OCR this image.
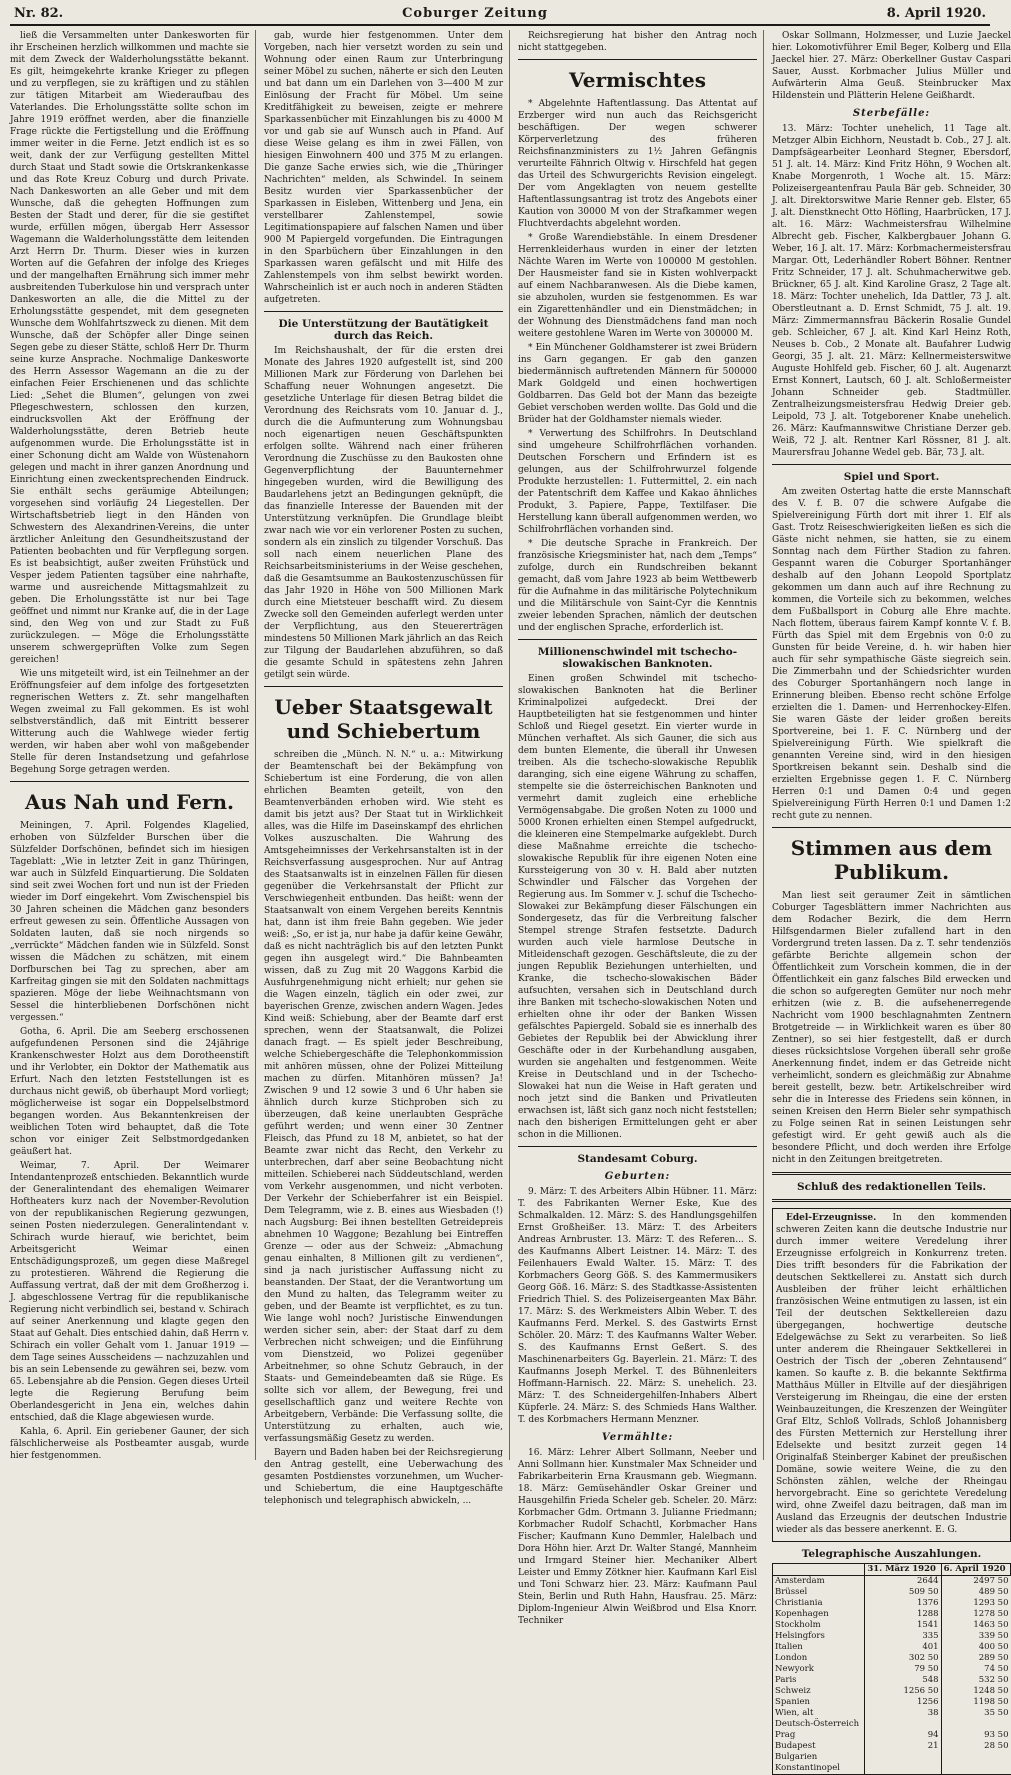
Nr. 82.	Coburger Zeitung	8. April 1920.

ließ die Versammelten unter Dankesworten für ihr Erscheinen herzlich willkommen und machte sie mit dem Zweck der Walderholungsstätte bekannt. Es gilt, heimgekehrte kranke Krieger zu pflegen und zu verpflegen, sie zu kräftigen und zu stählen zur tätigen Mitarbeit am Wiederaufbau des Vaterlandes. Die Erholungsstätte sollte schon im Jahre 1919 eröffnet werden, aber die finanzielle Frage rückte die Fertigstellung und die Eröffnung immer weiter in die Ferne. Jetzt endlich ist es so weit, dank der zur Verfügung gestellten Mittel durch Staat und Stadt sowie die Ortskrankenkasse und das Rote Kreuz Coburg und durch Private. Nach Dankesworten an alle Geber und mit dem Wunsche, daß die gehegten Hoffnungen zum Besten der Stadt und derer, für die sie gestiftet wurde, erfüllen mögen, übergab Herr Assessor Wagemann die Walderholungsstätte dem leitenden Arzt Herrn Dr. Thurm. Dieser wies in kurzen Worten auf die Gefahren der infolge des Krieges und der mangelhaften Ernährung sich immer mehr ausbreitenden Tuberkulose hin und versprach unter Dankesworten an alle, die die Mittel zu der Erholungsstätte gespendet, mit dem gesegneten Wunsche dem Wohlfahrtszweck zu dienen. Mit dem Wunsche, daß der Schöpfer aller Dinge seinen Segen gebe zu dieser Stätte, schloß Herr Dr. Thurm seine kurze Ansprache. Nochmalige Dankesworte des Herrn Assessor Wagemann an die zu der einfachen Feier Erschienenen und das schlichte Lied: „Sehet die Blumen“, gelungen von zwei Pflegeschwestern, schlossen den kurzen, eindrucksvollen Akt der Eröffnung der Walderholungsstätte, deren Betrieb heute aufgenommen wurde. Die Erholungsstätte ist in einer Schonung dicht am Walde von Wüstenahorn gelegen und macht in ihrer ganzen Anordnung und Einrichtung einen zweckentsprechenden Eindruck. Sie enthält sechs geräumige Abteilungen; vorgesehen sind vorläufig 24 Liegestellen. Der Wirtschaftsbetrieb liegt in den Händen von Schwestern des Alexandrinen-Vereins, die unter ärztlicher Anleitung den Gesundheitszustand der Patienten beobachten und für Verpflegung sorgen. Es ist beabsichtigt, außer zweiten Frühstück und Vesper jedem Patienten tagsüber eine nahrhafte, warme und ausreichende Mittagsmahlzeit zu geben. Die Erholungsstätte ist nur bei Tage geöffnet und nimmt nur Kranke auf, die in der Lage sind, den Weg von und zur Stadt zu Fuß zurückzulegen. — Möge die Erholungsstätte unserem schwergeprüften Volke zum Segen gereichen!

Wie uns mitgeteilt wird, ist ein Teilnehmer an der Eröffnungsfeier auf dem infolge des fortgesetzten regnerischen Wetters z. Zt. sehr mangelhaften Wegen zweimal zu Fall gekommen. Es ist wohl selbstverständlich, daß mit Eintritt besserer Witterung auch die Wahlwege wieder fertig werden, wir haben aber wohl von maßgebender Stelle für deren Instandsetzung und gefahrlose Begehung Sorge getragen werden.

Aus Nah und Fern.

Meiningen, 7. April. Folgendes Klagelied, erhoben von Sülzfelder Burschen über die Sülzfelder Dorfschönen, befindet sich im hiesigen Tageblatt: „Wie in letzter Zeit in ganz Thüringen, war auch in Sülzfeld Einquartierung. Die Soldaten sind seit zwei Wochen fort und nun ist der Frieden wieder im Dorf eingekehrt. Vom Zwischenspiel bis 30 Jahren scheinen die Mädchen ganz besonders erfreut gewesen zu sein. Öffentliche Aussagen von Soldaten lauten, daß sie noch nirgends so „verrückte“ Mädchen fanden wie in Sülzfeld. Sonst wissen die Mädchen zu schätzen, mit einem Dorfburschen bei Tag zu sprechen, aber am Karfreitag gingen sie mit den Soldaten nachmittags spazieren. Möge der liebe Weihnachtsmann von Sessel die hinterbliebenen Dorfschönen nicht vergessen.“

Gotha, 6. April. Die am Seeberg erschossenen aufgefundenen Personen sind die 24jährige Krankenschwester Holzt aus dem Dorotheenstift und ihr Verlobter, ein Doktor der Mathematik aus Erfurt. Nach den letzten Feststellungen ist es durchaus nicht gewiß, ob überhaupt Mord vorliegt; möglicherweise ist sogar ein Doppelselbstmord begangen worden. Aus Bekanntenkreisen der weiblichen Toten wird behauptet, daß die Tote schon vor einiger Zeit Selbstmordgedanken geäußert hat.

Weimar, 7. April. Der Weimarer Intendantenprozeß entschieden. Bekanntlich wurde der Generalintendant des ehemaligen Weimarer Hoftheaters kurz nach der November-Revolution von der republikanischen Regierung gezwungen, seinen Posten niederzulegen. Generalintendant v. Schirach wurde hierauf, wie berichtet, beim Arbeitsgericht Weimar einen Entschädigungsprozeß, um gegen diese Maßregel zu protestieren. Während die Regierung die Auffassung vertrat, daß der mit dem Großherzog i. J. abgeschlossene Vertrag für die republikanische Regierung nicht verbindlich sei, bestand v. Schirach auf seiner Anerkennung und klagte gegen den Staat auf Gehalt. Dies entschied dahin, daß Herrn v. Schirach ein voller Gehalt vom 1. Januar 1919 — dem Tage seines Ausscheidens — nachzuzahlen und bis an sein Lebensende zu gewähren sei, bezw. vom 65. Lebensjahre ab die Pension. Gegen dieses Urteil legte die Regierung Berufung beim Oberlandesgericht in Jena ein, welches dahin entschied, daß die Klage abgewiesen wurde.

Kahla, 6. April. Ein geriebener Gauner, der sich fälschlicherweise als Postbeamter ausgab, wurde hier festgenommen.

gab, wurde hier festgenommen. Unter dem Vorgeben, nach hier versetzt worden zu sein und Wohnung oder einen Raum zur Unterbringung seiner Möbel zu suchen, näherte er sich den Leuten und bat dann um ein Darlehen von 3—400 M zur Einlösung der Fracht für Möbel. Um seine Kreditfähigkeit zu beweisen, zeigte er mehrere Sparkassenbücher mit Einzahlungen bis zu 4000 M vor und gab sie auf Wunsch auch in Pfand. Auf diese Weise gelang es ihm in zwei Fällen, von hiesigen Einwohnern 400 und 375 M zu erlangen. Die ganze Sache erwies sich, wie die „Thüringer Nachrichten“ melden, als Schwindel. In seinem Besitz wurden vier Sparkassenbücher der Sparkassen in Eisleben, Wittenberg und Jena, ein verstellbarer Zahlenstempel, sowie Legitimationspapiere auf falschen Namen und über 900 M Papiergeld vorgefunden. Die Eintragungen in den Sparbüchern über Einzahlungen in den Sparkassen waren gefälscht und mit Hilfe des Zahlenstempels von ihm selbst bewirkt worden. Wahrscheinlich ist er auch noch in anderen Städten aufgetreten.

Die Unterstützung der Bautätigkeit durch das Reich.

Im Reichshaushalt, der für die ersten drei Monate des Jahres 1920 aufgestellt ist, sind 200 Millionen Mark zur Förderung von Darlehen bei Schaffung neuer Wohnungen angesetzt. Die gesetzliche Unterlage für diesen Betrag bildet die Verordnung des Reichsrats vom 10. Januar d. J., durch die die Aufmunterung zum Wohnungsbau noch eigenartigen neuen Geschäftspunkten erfolgen sollte. Während nach einer früheren Verordnung die Zuschüsse zu den Baukosten ohne Gegenverpflichtung der Bauunternehmer hingegeben wurden, wird die Bewilligung des Baudarlehens jetzt an Bedingungen geknüpft, die das finanzielle Interesse der Bauenden mit der Unterstützung verknüpfen. Die Grundlage bleibt zwar nach wie vor ein verlorener Posten zu suchen, sondern als ein zinslich zu tilgender Vorschuß. Das soll nach einem neuerlichen Plane des Reichsarbeitsministeriums in der Weise geschehen, daß die Gesamtsumme an Baukostenzuschüssen für das Jahr 1920 in Höhe von 500 Millionen Mark durch eine Mietsteuer beschafft wird. Zu diesem Zwecke soll den Gemeinden auferlegt werden unter der Verpflichtung, aus den Steuererträgen mindestens 50 Millionen Mark jährlich an das Reich zur Tilgung der Baudarlehen abzuführen, so daß die gesamte Schuld in spätestens zehn Jahren getilgt sein würde.

Ueber Staatsgewalt und Schiebertum

schreiben die „Münch. N. N.“ u. a.: Mitwirkung der Beamtenschaft bei der Bekämpfung von Schiebertum ist eine Forderung, die von allen ehrlichen Beamten geteilt, von den Beamtenverbänden erhoben wird. Wie steht es damit bis jetzt aus? Der Staat tut in Wirklichkeit alles, was die Hilfe im Daseinskampf des ehrlichen Volkes auszuschalten. Die Wahrung des Amtsgeheimnisses der Verkehrsanstalten ist in der Reichsverfassung ausgesprochen. Nur auf Antrag des Staatsanwalts ist in einzelnen Fällen für diesen gegenüber die Verkehrsanstalt der Pflicht zur Verschwiegenheit entbunden. Das heißt: wenn der Staatsanwalt von einem Vergehen bereits Kenntnis hat, dann ist ihm freie Bahn gegeben. Wie jeder weiß: „So, er ist ja, nur habe ja dafür keine Gewähr, daß es nicht nachträglich bis auf den letzten Punkt gegen ihn ausgelegt wird.“ Die Bahnbeamten wissen, daß zu Zug mit 20 Waggons Karbid die Ausfuhrgenehmigung nicht erhielt; nur gehen sie die Wagen einzeln, täglich ein oder zwei, zur bayerischen Grenze, zwischen andern Wagen. Jedes Kind weiß: Schiebung, aber der Beamte darf erst sprechen, wenn der Staatsanwalt, die Polizei danach fragt. — Es spielt jeder Beschreibung, welche Schiebergeschäfte die Telephonkommission mit anhören müssen, ohne der Polizei Mitteilung machen zu dürfen. Mitanhören müssen? Ja! Zwischen 9 und 12 sowie 3 und 6 Uhr haben sie ähnlich durch kurze Stichproben sich zu überzeugen, daß keine unerlaubten Gespräche geführt werden; und wenn einer 30 Zentner Fleisch, das Pfund zu 18 M, anbietet, so hat der Beamte zwar nicht das Recht, den Verkehr zu unterbrechen, darf aber seine Beobachtung nicht mitteilen. Schieberei nach Süddeutschland, werden vom Verkehr ausgenommen, und nicht verboten. Der Verkehr der Schieberfahrer ist ein Beispiel. Dem Telegramm, wie z. B. eines aus Wiesbaden (!) nach Augsburg: Bei ihnen bestellten Getreidepreis abnehmen 10 Waggone; Bezahlung bei Eintreffen Grenze — oder aus der Schweiz: „Abmachung genau einhalten, 8 Millionen gilt zu verdienen“, sind ja nach juristischer Auffassung nicht zu beanstanden. Der Staat, der die Verantwortung um den Mund zu halten, das Telegramm weiter zu geben, und der Beamte ist verpflichtet, es zu tun. Wie lange wohl noch? Juristische Einwendungen werden sicher sein, aber: der Staat darf zu dem Verbrechen nicht schweigen; und die Einführung vom Dienstzeid, wo Polizei gegenüber Arbeitnehmer, so ohne Schutz Gebrauch, in der Staats- und Gemeindebeamten daß sie Rüge. Es sollte sich vor allem, der Bewegung, frei und gesellschaftlich ganz und weitere Rechte von Arbeitgebern, Verbände: Die Verfassung sollte, die Unterstützung zu erhalten, auch wie, verfassungsmäßig Gesetz zu werden.

Bayern und Baden haben bei der Reichsregierung den Antrag gestellt, eine Ueberwachung des gesamten Postdienstes vorzunehmen, um Wucher- und Schiebertum, die eine Hauptgeschäfte telephonisch und telegraphisch abwickeln, ...

Reichsregierung hat bisher den Antrag noch nicht stattgegeben.

Vermischtes

* Abgelehnte Haftentlassung. Das Attentat auf Erzberger wird nun auch das Reichsgericht beschäftigen. Der wegen schwerer Körperverletzung des früheren Reichsfinanzministers zu 1½ Jahren Gefängnis verurteilte Fähnrich Oltwig v. Hirschfeld hat gegen das Urteil des Schwurgerichts Revision eingelegt. Der vom Angeklagten von neuem gestellte Haftentlassungsantrag ist trotz des Angebots einer Kaution von 30000 M von der Strafkammer wegen Fluchtverdachts abgelehnt worden.

* Große Warendiebstähle. In einem Dresdener Herrenkleiderhaus wurden in einer der letzten Nächte Waren im Werte von 100000 M gestohlen. Der Hausmeister fand sie in Kisten wohlverpackt auf einem Nachbaranwesen. Als die Diebe kamen, sie abzuholen, wurden sie festgenommen. Es war ein Zigarettenhändler und ein Dienstmädchen; in der Wohnung des Dienstmädchens fand man noch weitere gestohlene Waren im Werte von 300000 M.

* Ein Münchener Goldhamsterer ist zwei Brüdern ins Garn gegangen. Er gab den ganzen biedermännisch auftretenden Männern für 500000 Mark Goldgeld und einen hochwertigen Goldbarren. Das Geld bot der Mann das bezeigte Gebiet verschoben werden wollte. Das Gold und die Brüder hat der Goldhamster niemals wieder.

* Verwertung des Schilfrohrs. In Deutschland sind umgeheure Schilfrohrflächen vorhanden. Deutschen Forschern und Erfindern ist es gelungen, aus der Schilfrohrwurzel folgende Produkte herzustellen: 1. Futtermittel, 2. ein nach der Patentschrift dem Kaffee und Kakao ähnliches Produkt, 3. Papiere, Pappe, Textilfaser. Die Herstellung kann überall aufgenommen werden, wo Schilfrohrflächen vorhanden sind.

* Die deutsche Sprache in Frankreich. Der französische Kriegsminister hat, nach dem „Temps“ zufolge, durch ein Rundschreiben bekannt gemacht, daß vom Jahre 1923 ab beim Wettbewerb für die Aufnahme in das militärische Polytechnikum und die Militärschule von Saint-Cyr die Kenntnis zweier lebenden Sprachen, nämlich der deutschen und der englischen Sprache, erforderlich ist.

Millionenschwindel mit tschecho-slowakischen Banknoten.

Einen großen Schwindel mit tschecho-slowakischen Banknoten hat die Berliner Kriminalpolizei aufgedeckt. Drei der Hauptbeteiligten hat sie festgenommen und hinter Schloß und Riegel gesetzt. Ein vierter wurde in München verhaftet. Als sich Gauner, die sich aus dem bunten Elemente, die überall ihr Unwesen treiben. Als die tschecho-slowakische Republik daranging, sich eine eigene Währung zu schaffen, stempelte sie die österreichischen Banknoten und vermehrt damit zugleich eine erhebliche Vermögensabgabe. Die großen Noten zu 1000 und 5000 Kronen erhielten einen Stempel aufgedruckt, die kleineren eine Stempelmarke aufgeklebt. Durch diese Maßnahme erreichte die tschecho-slowakische Republik für ihre eigenen Noten eine Kurssteigerung von 30 v. H. Bald aber nutzten Schwindler und Fälscher das Vorgehen der Regierung aus. Im Sommer v. J. schuf die Tschecho-Slowakei zur Bekämpfung dieser Fälschungen ein Sondergesetz, das für die Verbreitung falscher Stempel strenge Strafen festsetzte. Dadurch wurden auch viele harmlose Deutsche in Mitleidenschaft gezogen. Geschäftsleute, die zu der jungen Republik Beziehungen unterhielten, und Kranke, die tschecho-slowakischen Bäder aufsuchten, versahen sich in Deutschland durch ihre Banken mit tschecho-slowakischen Noten und erhielten ohne ihr oder der Banken Wissen gefälschtes Papiergeld. Sobald sie es innerhalb des Gebietes der Republik bei der Abwicklung ihrer Geschäfte oder in der Kurbehandlung ausgaben, wurden sie angehalten und festgenommen. Weite Kreise in Deutschland und in der Tschecho-Slowakei hat nun die Weise in Haft geraten und noch jetzt sind die Banken und Privatleuten erwachsen ist, läßt sich ganz noch nicht feststellen; nach den bisherigen Ermittelungen geht er aber schon in die Millionen.

Standesamt Coburg.
Geburten:

9. März: T. des Arbeiters Albin Hübner. 11. März: T. des Fabrikanten Werner Eske, Kue des Schmalkalden. 12. März: S. des Handlungsgehilfen Ernst Großheißer. 13. März: T. des Arbeiters Andreas Arnbruster. 13. März: T. des Referen... S. des Kaufmanns Albert Leistner. 14. März: T. des Feilenhauers Ewald Walter. 15. März: T. des Korbmachers Georg Göß. S. des Kammermusikers Georg Göß. 16. März: S. des Stadtkasse-Assistenten Friedrich Thiel. S. des Polizeisergeanten Max Bähr. 17. März: S. des Werkmeisters Albin Weber. T. des Kaufmanns Ferd. Merkel. S. des Gastwirts Ernst Schöler. 20. März: T. des Kaufmanns Walter Weber. S. des Kaufmanns Ernst Geßert. S. des Maschinenarbeiters Gg. Bayerlein. 21. März: T. des Kaufmanns Joseph Merkel. T. des Bühnenleiters Hoffmann-Harnisch. 22. März: S. unehelich. 23. März: T. des Schneidergehilfen-Inhabers Albert Küpferle. 24. März: S. des Schmieds Hans Walther. T. des Korbmachers Hermann Menzner.

Vermählte:

16. März: Lehrer Albert Sollmann, Neeber und Anni Sollmann hier. Kunstmaler Max Schneider und Fabrikarbeiterin Erna Krausmann geb. Wiegmann. 18. März: Gemüsehändler Oskar Greiner und Hausgehilfin Frieda Scheler geb. Scheler. 20. März: Korbmacher Gdm. Ortmann 3. Julianne Friedmann; Korbmacher Rudolf Schachtl, Korbmacher Hans Fischer; Kaufmann Kuno Demmler, Halelbach und Dora Höhn hier. Arzt Dr. Walter Stangé, Mannheim und Irmgard Steiner hier. Mechaniker Albert Leister und Emmy Zötkner hier. Kaufmann Karl Eisl und Toni Schwarz hier. 23. März: Kaufmann Paul Stein, Berlin und Ruth Hahn, Hausfrau. 25. März: Diplom-Ingenieur Alwin Weißbrod und Elsa Knorr. Techniker

Oskar Sollmann, Holzmesser, und Luzie Jaeckel hier. Lokomotivführer Emil Beger, Kolberg und Ella Jaeckel hier. 27. März: Oberkellner Gustav Caspari Sauer, Ausst. Korbmacher Julius Müller und Aufwärterin Alma Geuß. Steinbrucker Max Hildenstein und Plätterin Helene Geißhardt.

Sterbefälle:

13. März: Tochter unehelich, 11 Tage alt. Metzger Albin Eichhorn, Neustadt b. Cob., 27 J. alt. Dampfsägearbeiter Leonhard Stegner, Ebersdorf, 51 J. alt. 14. März: Kind Fritz Höhn, 9 Wochen alt. Knabe Morgenroth, 1 Woche alt. 15. März: Polizeisergeantenfrau Paula Bär geb. Schneider, 30 J. alt. Direktorswitwe Marie Renner geb. Elster, 65 J. alt. Dienstknecht Otto Höfling, Haarbrücken, 17 J. alt. 16. März: Wachmeistersfrau Wilhelmine Albrecht geb. Fischer, Kalkbergbauer Johann G. Weber, 16 J. alt. 17. März: Korbmachermeistersfrau Margar. Ott, Lederhändler Robert Böhner. Rentner Fritz Schneider, 17 J. alt. Schuhmacherwitwe geb. Brückner, 65 J. alt. Kind Karoline Grasz, 2 Tage alt. 18. März: Tochter unehelich, Ida Dattler, 73 J. alt. Oberstleutnant a. D. Ernst Schmidt, 75 J. alt. 19. März: Zimmermannsfrau Bäckerin Rosalie Gundel geb. Schleicher, 67 J. alt. Kind Karl Heinz Roth, Neuses b. Cob., 2 Monate alt. Baufahrer Ludwig Georgi, 35 J. alt. 21. März: Kellnermeisterswitwe Auguste Hohlfeld geb. Fischer, 60 J. alt. Augenarzt Ernst Konnert, Lautsch, 60 J. alt. Schloßermeister Johann Schneider geb. Stadtmüller. Zentralheizungsmeistersfrau Hedwig Dreier geb. Leipold, 73 J. alt. Totgeborener Knabe unehelich. 26. März: Kaufmannswitwe Christiane Derzer geb. Weiß, 72 J. alt. Rentner Karl Rössner, 81 J. alt. Maurersfrau Johanne Wedel geb. Bär, 73 J. alt.

Spiel und Sport.

Am zweiten Ostertag hatte die erste Mannschaft des V. f. B. 07 die schwere Aufgabe die Spielvereinigung Fürth dort mit ihrer 1. Elf als Gast. Trotz Reiseschwierigkeiten ließen es sich die Gäste nicht nehmen, sie hatten, sie zu einem Sonntag nach dem Fürther Stadion zu fahren. Gespannt waren die Coburger Sportanhänger deshalb auf den Johann Leopold Sportplatz gekommen um dann auch auf ihre Rechnung zu kommen, die Vorteile sich zu bekommen, welches dem Fußballsport in Coburg alle Ehre machte. Nach flottem, überaus fairem Kampf konnte V. f. B. Fürth das Spiel mit dem Ergebnis von 0:0 zu Gunsten für beide Vereine, d. h. wir haben hier auch für sehr sympathische Gäste siegreich sein. Die Zimmerbahn und der Schiedsrichter wurden des Coburger Sportanhängern noch lange in Erinnerung bleiben. Ebenso recht schöne Erfolge erzielten die 1. Damen- und Herrenhockey-Elfen. Sie waren Gäste der leider großen bereits Sportvereine, bei 1. F. C. Nürnberg und der Spielvereinigung Fürth. Wie spielkraft die genannten Vereine sind, wird in den hiesigen Sportkreisen bekannt sein. Deshalb sind die erzielten Ergebnisse gegen 1. F. C. Nürnberg Herren 0:1 und Damen 0:4 und gegen Spielvereinigung Fürth Herren 0:1 und Damen 1:2 recht gute zu nennen.

Stimmen aus dem Publikum.

Man liest seit geraumer Zeit in sämtlichen Coburger Tagesblättern immer Nachrichten aus dem Rodacher Bezirk, die dem Herrn Hilfsgendarmen Bieler zufallend hart in den Vordergrund treten lassen. Da z. T. sehr tendenziös gefärbte Berichte allgemein schon der Öffentlichkeit zum Vorschein kommen, die in der Öffentlichkeit ein ganz falsches Bild erwecken und die schon so aufgeregten Gemüter nur noch mehr erhitzen (wie z. B. die aufsehenerregende Nachricht vom 1900 beschlagnahmten Zentnern Brotgetreide — in Wirklichkeit waren es über 80 Zentner), so sei hier festgestellt, daß er durch dieses rücksichtslose Vorgehen überall sehr große Anerkennung findet, indem er das Getreide nicht verheimlicht, sondern es gleichmäßig zur Abnahme bereit gestellt, bezw. betr. Artikelschreiber wird sehr die in Interesse des Friedens sein können, in seinen Kreisen den Herrn Bieler sehr sympathisch zu Folge seinen Rat in seinen Leistungen sehr gefestigt wird. Er geht gewiß auch als die besondere Pflicht, und doch werden ihre Erfolge nicht in den Zeitungen breitgetreten.

Schluß des redaktionellen Teils.

Edel-Erzeugnisse. In den kommenden schweren Zeiten kann die deutsche Industrie nur durch immer weitere Veredelung ihrer Erzeugnisse erfolgreich in Konkurrenz treten. Dies trifft besonders für die Fabrikation der deutschen Sektkellerei zu. Anstatt sich durch Ausbleiben der früher leicht erhältlichen französischen Weine entmutigen zu lassen, ist ein Teil der deutschen Sektkellereien dazu übergegangen, hochwertige deutsche Edelgewächse zu Sekt zu verarbeiten. So ließ unter anderem die Rheingauer Sektkellerei in Oestrich der Tisch der „oberen Zehntausend“ kamen. So kaufte z. B. die bekannte Sektfirma Matthäus Müller in Eltville auf der diesjährigen Versteigerung im Rheingau, die eine der ersten Weinbauzeitungen, die Kreszenzen der Weingüter Graf Eltz, Schloß Vollrads, Schloß Johannisberg des Fürsten Metternich zur Herstellung ihrer Edelsekte und besitzt zurzeit gegen 14 Originalfaß Steinberger Kabinet der preußischen Domäne, sowie weitere Weine, die zu den Schönsten zählen, welche der Rheingau hervorgebracht. Eine so gerichtete Veredelung wird, ohne Zweifel dazu beitragen, daß man im Ausland das Erzeugnis der deutschen Industrie wieder als das bessere anerkennt. E. G.

Telegraphische Auszahlungen.
	31. März 1920	6. April 1920
Amsterdam	2644	2497 50
Brüssel	509 50	489 50
Christiania	1376	1293 50
Kopenhagen	1288	1278 50
Stockholm	1541	1463 50
Helsingfors	335	339 50
Italien	401	400 50
London	302 50	289 50
Newyork	79 50	74 50
Paris	548	532 50
Schweiz	1256 50	1248 50
Spanien	1256	1198 50
Wien, alt	38	35 50
Deutsch-Österreich		
Prag	94	93 50
Budapest	21	28 50
Bulgarien		
Konstantinopel		
